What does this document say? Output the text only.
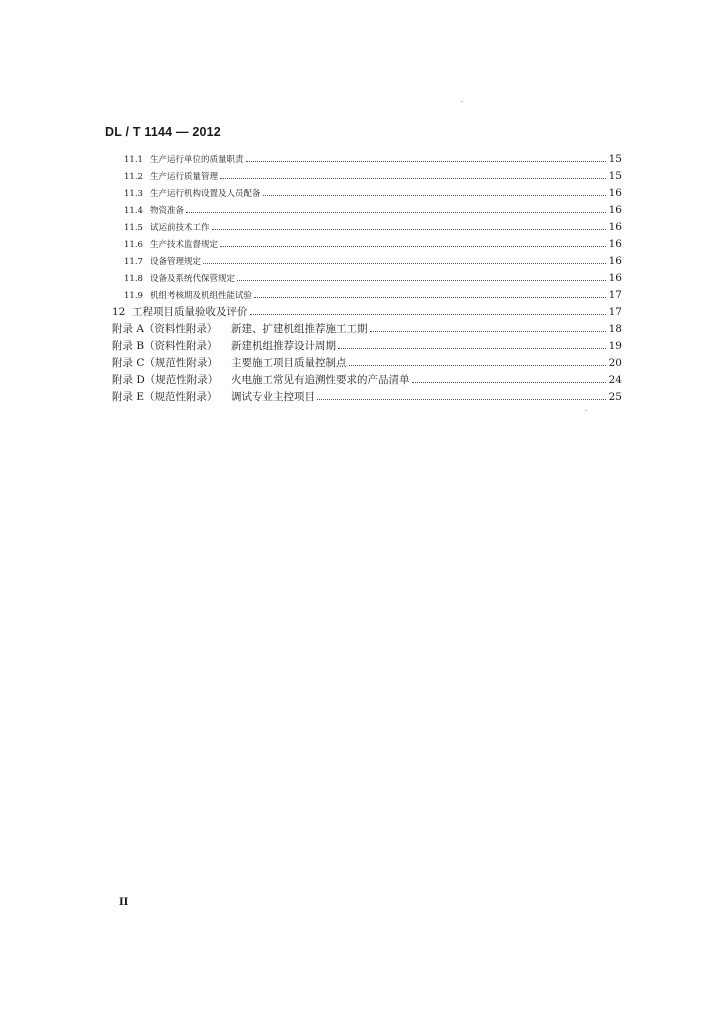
DL / T 1144 — 2012
11.1 生产运行单位的质量职责	15
11.2 生产运行质量管理	15
11.3 生产运行机构设置及人员配备	16
11.4 物资准备	16
11.5 试运前技术工作	16
11.6 生产技术监督规定	16
11.7 设备管理规定	16
11.8 设备及系统代保管规定	16
11.9 机组考核期及机组性能试验	17
12 工程项目质量验收及评价	17
附录 A（资料性附录）	新建、扩建机组推荐施工工期	18
附录 B（资料性附录）	新建机组推荐设计周期	19
附录 C（规范性附录）	主要施工项目质量控制点	20
附录 D（规范性附录）	火电施工常见有追溯性要求的产品清单	24
附录 E（规范性附录）	调试专业主控项目	25
II
